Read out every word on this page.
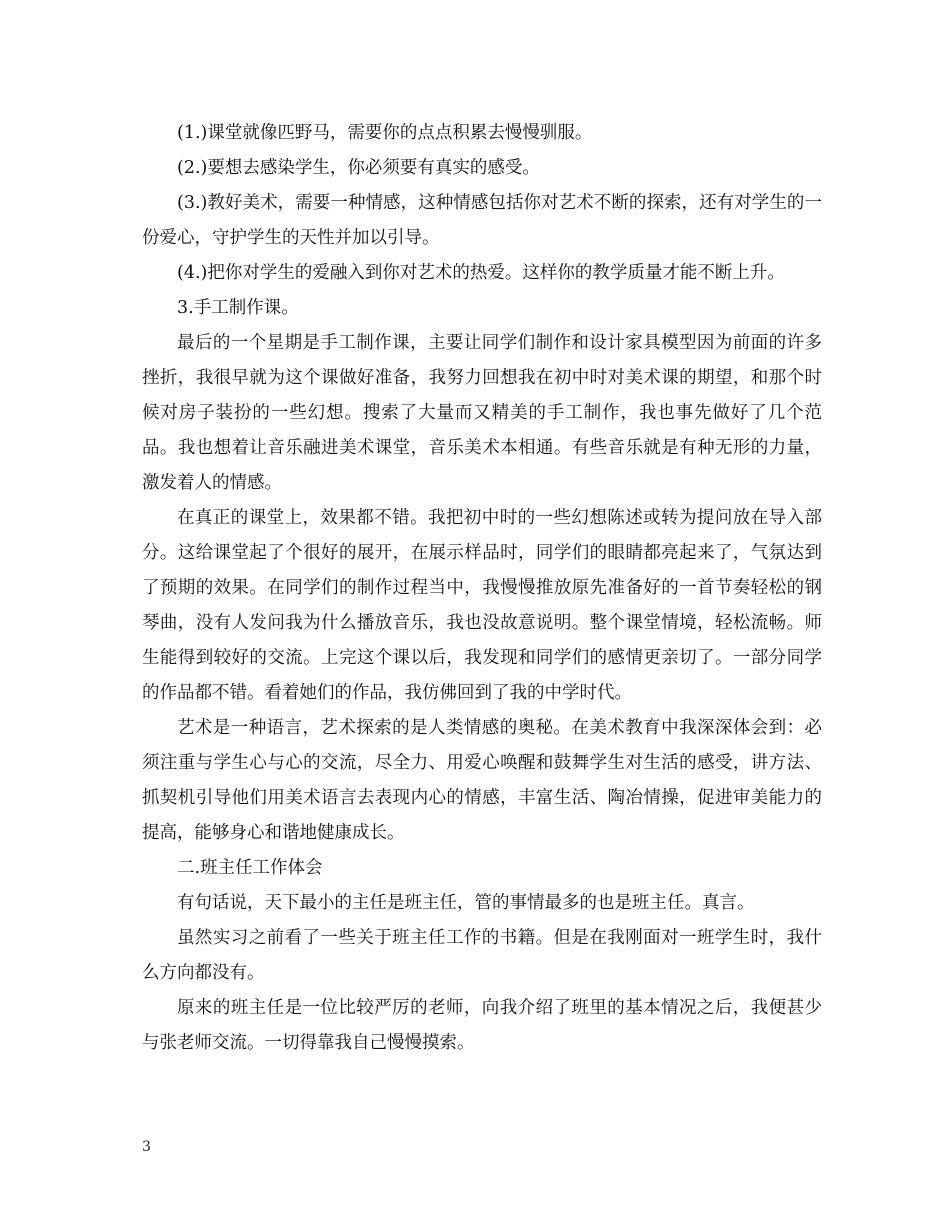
(1.)课堂就像匹野马，需要你的点点积累去慢慢驯服。

(2.)要想去感染学生，你必须要有真实的感受。

(3.)教好美术，需要一种情感，这种情感包括你对艺术不断的探索，还有对学生的一份爱心，守护学生的天性并加以引导。

(4.)把你对学生的爱融入到你对艺术的热爱。这样你的教学质量才能不断上升。

3.手工制作课。

最后的一个星期是手工制作课，主要让同学们制作和设计家具模型因为前面的许多挫折，我很早就为这个课做好准备，我努力回想我在初中时对美术课的期望，和那个时候对房子装扮的一些幻想。搜索了大量而又精美的手工制作，我也事先做好了几个范品。我也想着让音乐融进美术课堂，音乐美术本相通。有些音乐就是有种无形的力量，激发着人的情感。

在真正的课堂上，效果都不错。我把初中时的一些幻想陈述或转为提问放在导入部分。这给课堂起了个很好的展开，在展示样品时，同学们的眼睛都亮起来了，气氛达到了预期的效果。在同学们的制作过程当中，我慢慢推放原先准备好的一首节奏轻松的钢琴曲，没有人发问我为什么播放音乐，我也没故意说明。整个课堂情境，轻松流畅。师生能得到较好的交流。上完这个课以后，我发现和同学们的感情更亲切了。一部分同学的作品都不错。看着她们的作品，我仿佛回到了我的中学时代。

艺术是一种语言，艺术探索的是人类情感的奥秘。在美术教育中我深深体会到：必须注重与学生心与心的交流，尽全力、用爱心唤醒和鼓舞学生对生活的感受，讲方法、抓契机引导他们用美术语言去表现内心的情感，丰富生活、陶冶情操，促进审美能力的提高，能够身心和谐地健康成长。

二.班主任工作体会

有句话说，天下最小的主任是班主任，管的事情最多的也是班主任。真言。

虽然实习之前看了一些关于班主任工作的书籍。但是在我刚面对一班学生时，我什么方向都没有。

原来的班主任是一位比较严厉的老师，向我介绍了班里的基本情况之后，我便甚少与张老师交流。一切得靠我自己慢慢摸索。

3
